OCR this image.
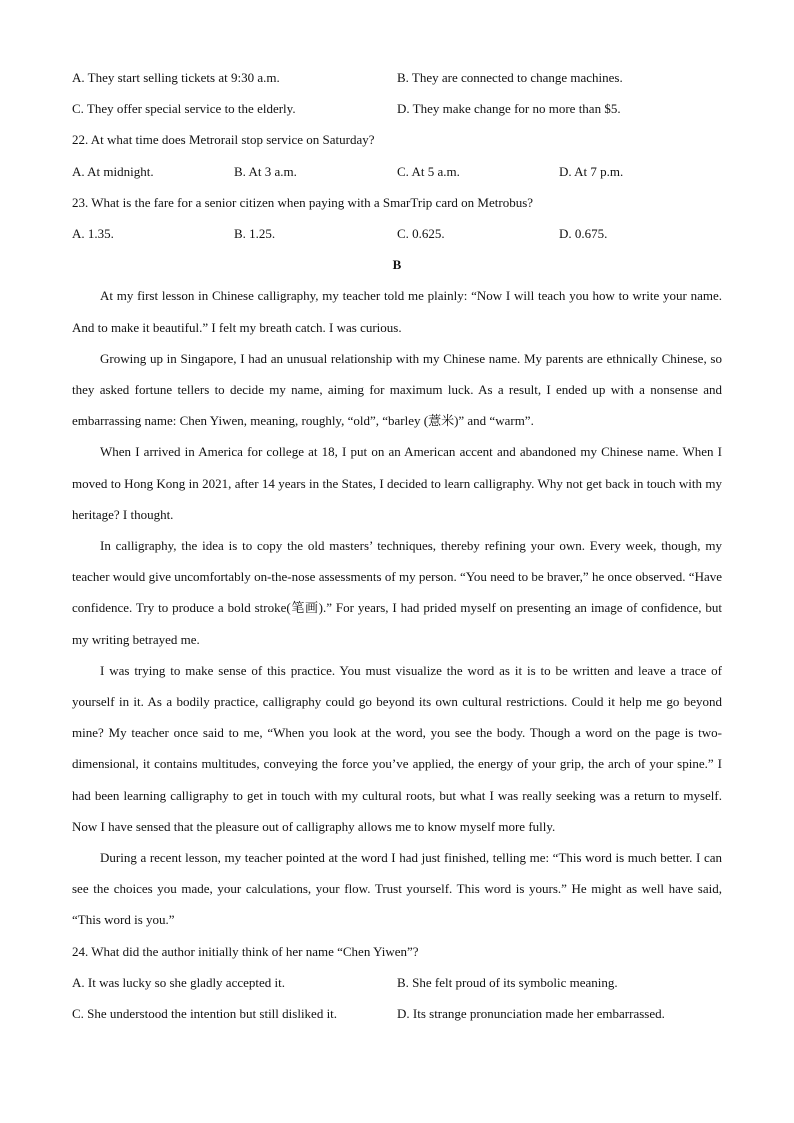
A. They start selling tickets at 9:30 a.m.	B. They are connected to change machines.
C. They offer special service to the elderly.	D. They make change for no more than $5.
22. At what time does Metrorail stop service on Saturday?
A. At midnight.	B. At 3 a.m.	C. At 5 a.m.	D. At 7 p.m.
23. What is the fare for a senior citizen when paying with a SmarTrip card on Metrobus?
A. 1.35.	B. 1.25.	C. 0.625.	D. 0.675.
B

At my first lesson in Chinese calligraphy, my teacher told me plainly: “Now I will teach you how to write your name. And to make it beautiful.” I felt my breath catch. I was curious.

Growing up in Singapore, I had an unusual relationship with my Chinese name. My parents are ethnically Chinese, so they asked fortune tellers to decide my name, aiming for maximum luck. As a result, I ended up with a nonsense and embarrassing name: Chen Yiwen, meaning, roughly, “old”, “barley (薏米)” and “warm”.

When I arrived in America for college at 18, I put on an American accent and abandoned my Chinese name. When I moved to Hong Kong in 2021, after 14 years in the States, I decided to learn calligraphy. Why not get back in touch with my heritage? I thought.

In calligraphy, the idea is to copy the old masters’ techniques, thereby refining your own. Every week, though, my teacher would give uncomfortably on-the-nose assessments of my person. “You need to be braver,” he once observed. “Have confidence. Try to produce a bold stroke(笔画).” For years, I had prided myself on presenting an image of confidence, but my writing betrayed me.

I was trying to make sense of this practice. You must visualize the word as it is to be written and leave a trace of yourself in it. As a bodily practice, calligraphy could go beyond its own cultural restrictions. Could it help me go beyond mine? My teacher once said to me, “When you look at the word, you see the body. Though a word on the page is two-dimensional, it contains multitudes, conveying the force you’ve applied, the energy of your grip, the arch of your spine.” I had been learning calligraphy to get in touch with my cultural roots, but what I was really seeking was a return to myself. Now I have sensed that the pleasure out of calligraphy allows me to know myself more fully.

During a recent lesson, my teacher pointed at the word I had just finished, telling me: “This word is much better. I can see the choices you made, your calculations, your flow. Trust yourself. This word is yours.” He might as well have said, “This word is you.”

24. What did the author initially think of her name “Chen Yiwen”?
A. It was lucky so she gladly accepted it.	B. She felt proud of its symbolic meaning.
C. She understood the intention but still disliked it.	D. Its strange pronunciation made her embarrassed.
